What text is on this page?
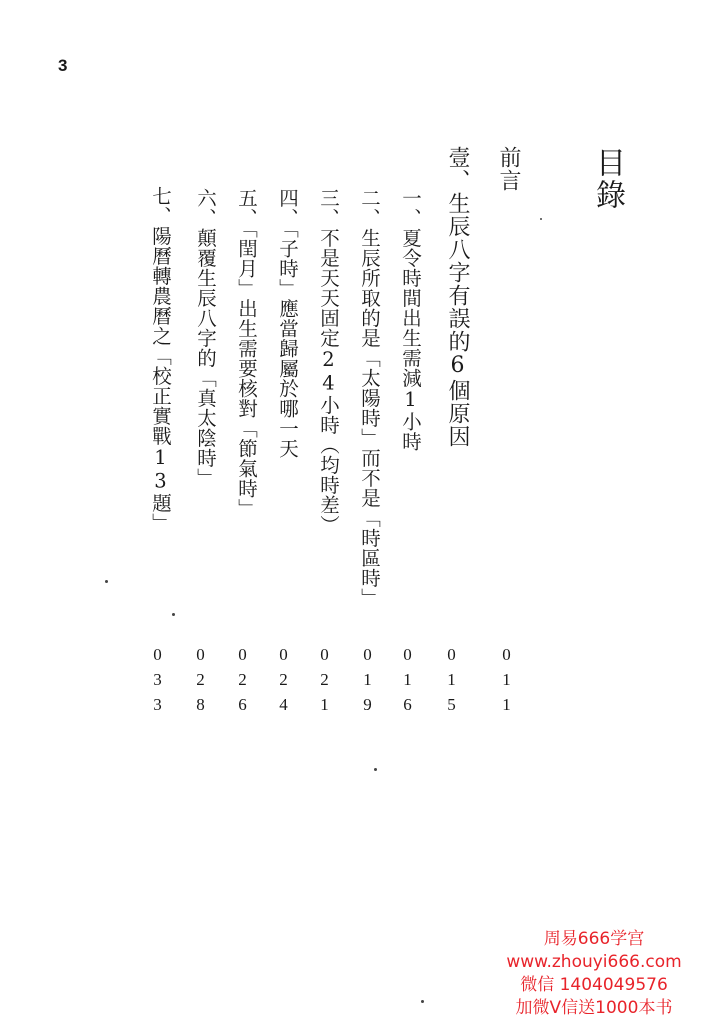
3
目錄
前言
壹、生辰八字有誤的6個原因
一、夏令時間出生需減1小時
二、生辰所取的是「太陽時」而不是「時區時」
三、不是天天固定24小時（均時差）
四、「子時」應當歸屬於哪一天
五、「閏月」出生需要核對「節氣時」
六、顛覆生辰八字的「真太陰時」
七、陽曆轉農曆之「校正實戰13題」
011
015
016
019
021
024
026
028
033
周易666学宫
www.zhouyi666.com
微信 1404049576
加微V信送1000本书
